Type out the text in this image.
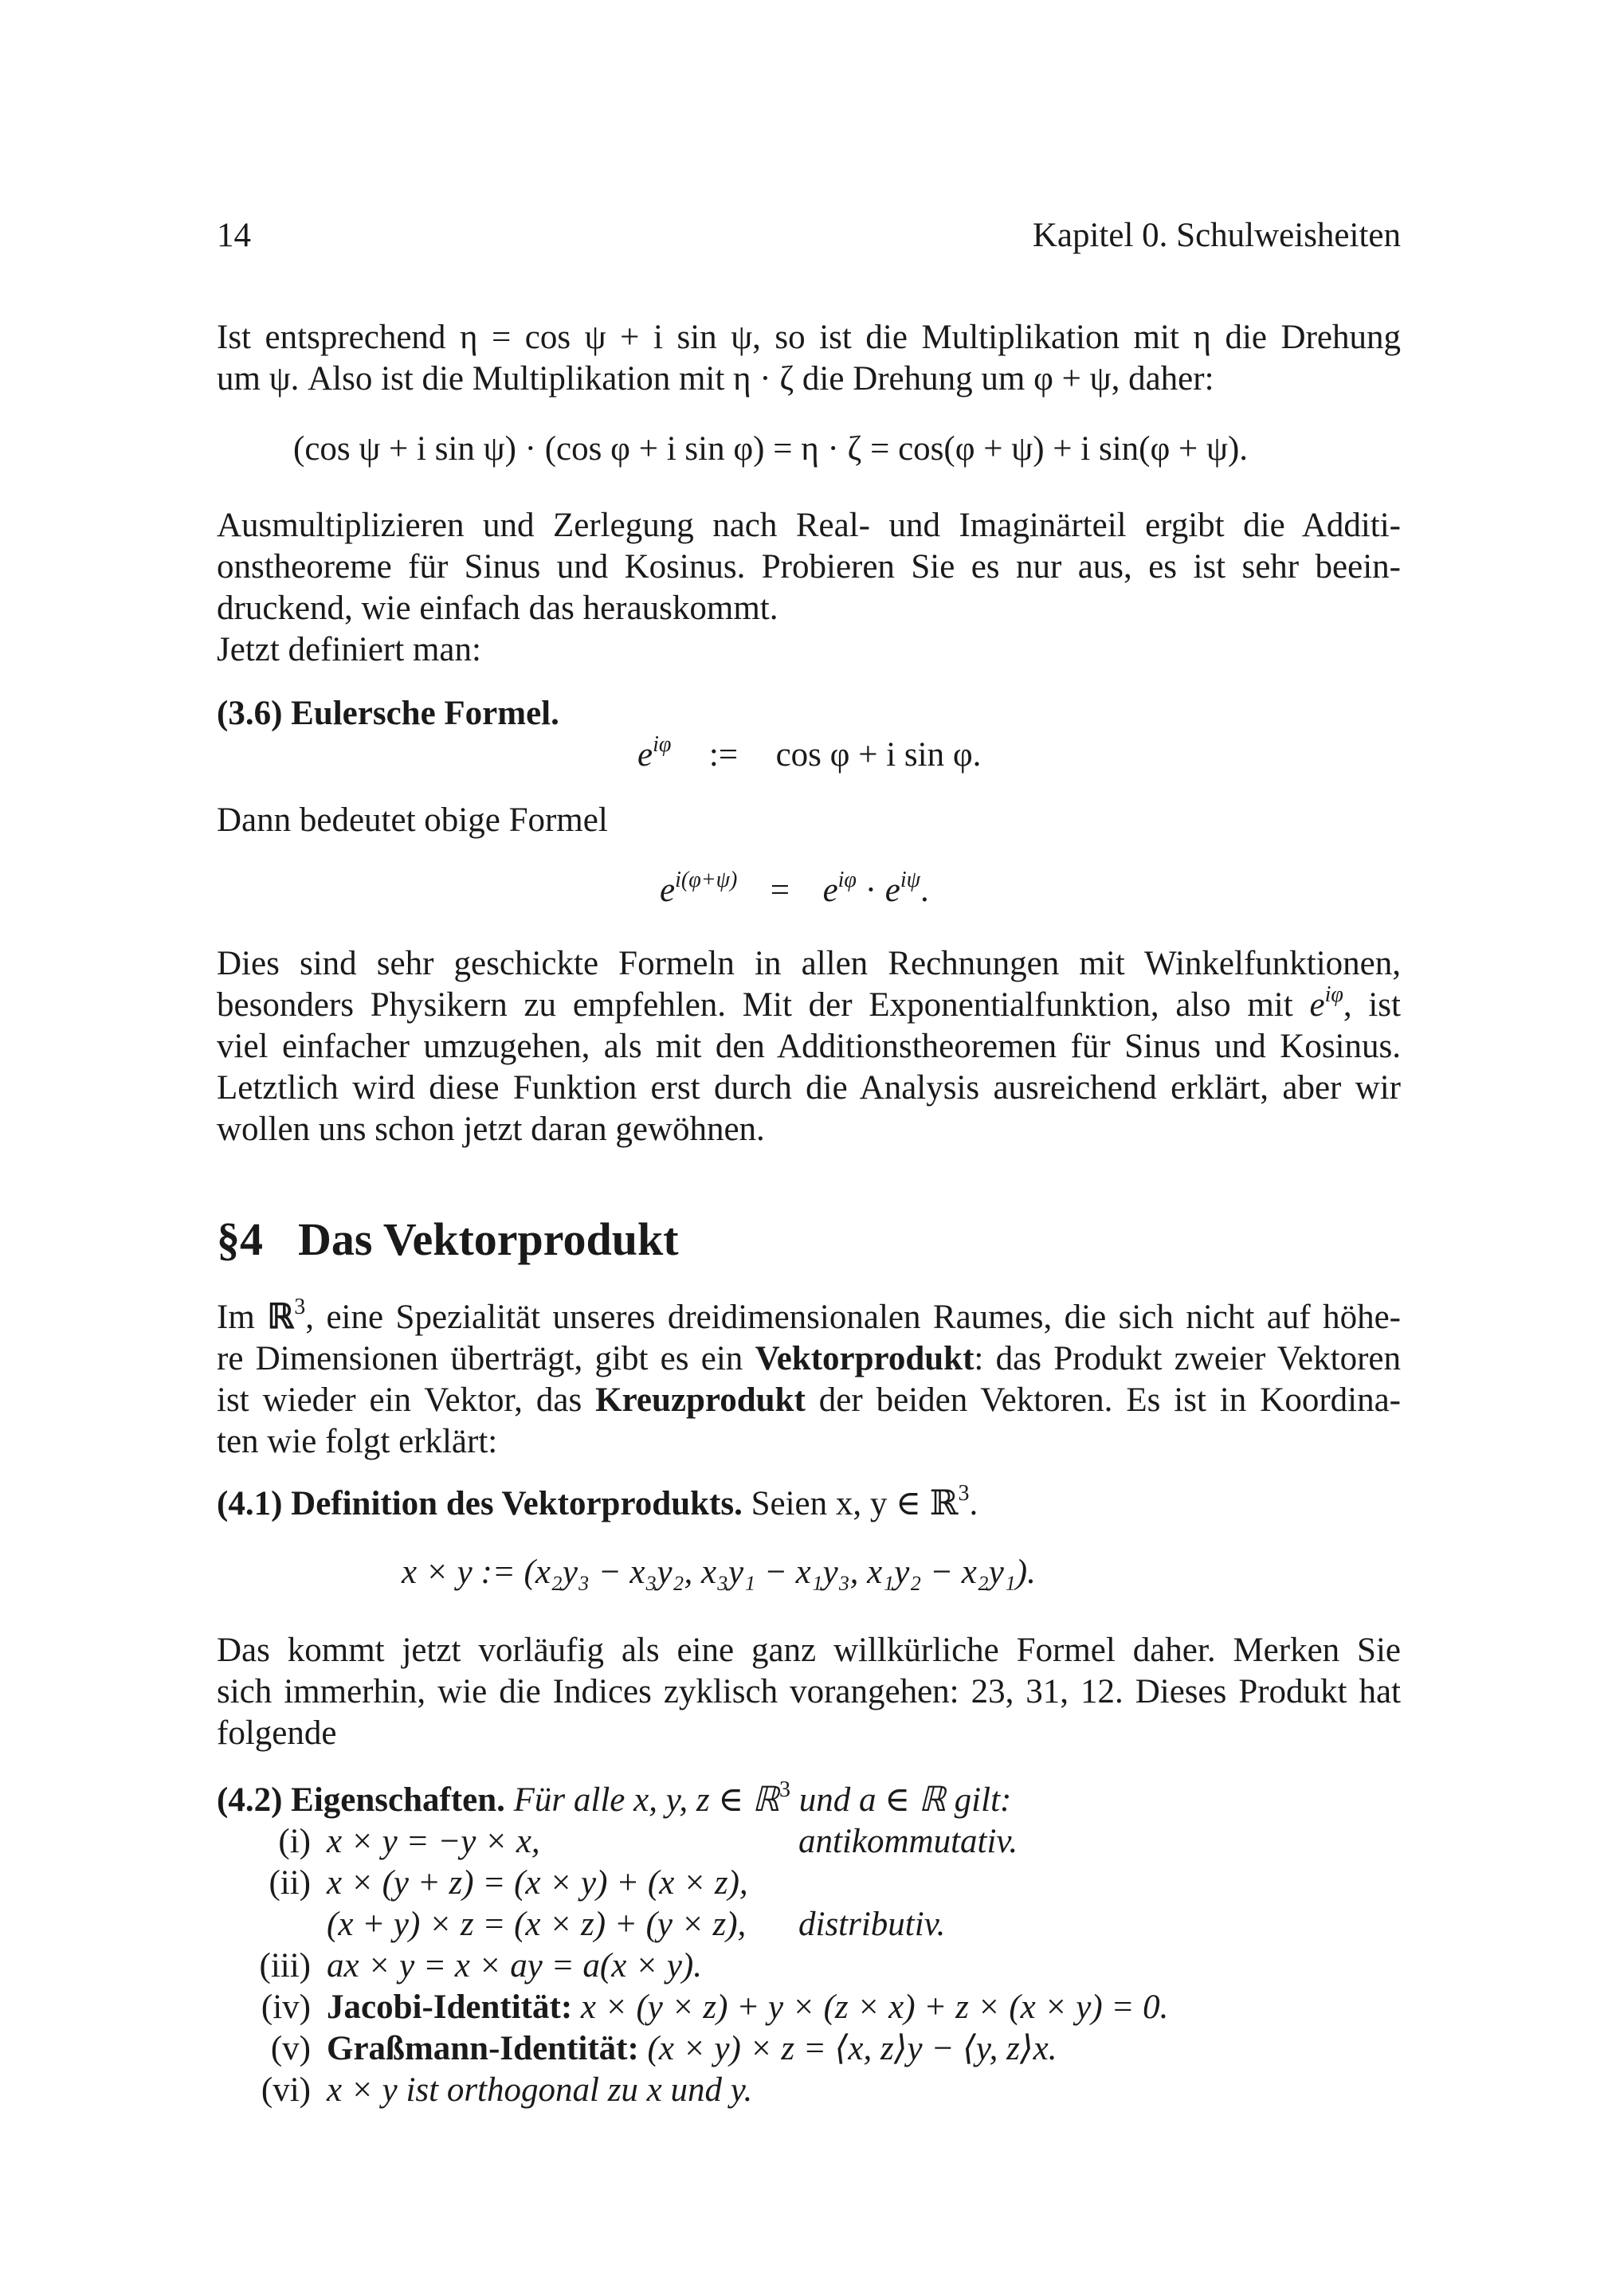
14	Kapitel 0. Schulweisheiten
Ist entsprechend η = cos ψ + i sin ψ, so ist die Multiplikation mit η die Drehung
um ψ. Also ist die Multiplikation mit η · ζ die Drehung um φ + ψ, daher:
(cos ψ + i sin ψ) · (cos φ + i sin φ) = η · ζ = cos(φ + ψ) + i sin(φ + ψ).
Ausmultiplizieren und Zerlegung nach Real- und Imaginärteil ergibt die Additi-
onstheoreme für Sinus und Kosinus. Probieren Sie es nur aus, es ist sehr beein-
druckend, wie einfach das herauskommt.
Jetzt definiert man:
(3.6) Eulersche Formel.
$e^{i\varphi}$ := cos φ + i sin φ.
Dann bedeutet obige Formel
$e^{i(\varphi+\psi)} = e^{i\varphi} \cdot e^{i\psi}$.
Dies sind sehr geschickte Formeln in allen Rechnungen mit Winkelfunktionen,
besonders Physikern zu empfehlen. Mit der Exponentialfunktion, also mit $e^{i\varphi}$, ist
viel einfacher umzugehen, als mit den Additionstheoremen für Sinus und Kosinus.
Letztlich wird diese Funktion erst durch die Analysis ausreichend erklärt, aber wir
wollen uns schon jetzt daran gewöhnen.
§4 Das Vektorprodukt
Im ℝ$^3$, eine Spezialität unseres dreidimensionalen Raumes, die sich nicht auf höhe-
re Dimensionen überträgt, gibt es ein Vektorprodukt: das Produkt zweier Vektoren
ist wieder ein Vektor, das Kreuzprodukt der beiden Vektoren. Es ist in Koordina-
ten wie folgt erklärt:
(4.1) Definition des Vektorprodukts. Seien x, y ∈ ℝ$^3$.
x × y := (x₂y₃ − x₃y₂, x₃y₁ − x₁y₃, x₁y₂ − x₂y₁).
Das kommt jetzt vorläufig als eine ganz willkürliche Formel daher. Merken Sie
sich immerhin, wie die Indices zyklisch vorangehen: 23, 31, 12. Dieses Produkt hat
folgende
(4.2) Eigenschaften. Für alle x, y, z ∈ ℝ$^3$ und a ∈ ℝ gilt:
(i) x × y = −y × x,	antikommutativ.
(ii) x × (y + z) = (x × y) + (x × z),
(x + y) × z = (x × z) + (y × z), distributiv.
(iii) ax × y = x × ay = a(x × y).
(iv) Jacobi-Identität: x × (y × z) + y × (z × x) + z × (x × y) = 0.
(v) Graßmann-Identität: (x × y) × z = ⟨x, z⟩y − ⟨y, z⟩x.
(vi) x × y ist orthogonal zu x und y.
